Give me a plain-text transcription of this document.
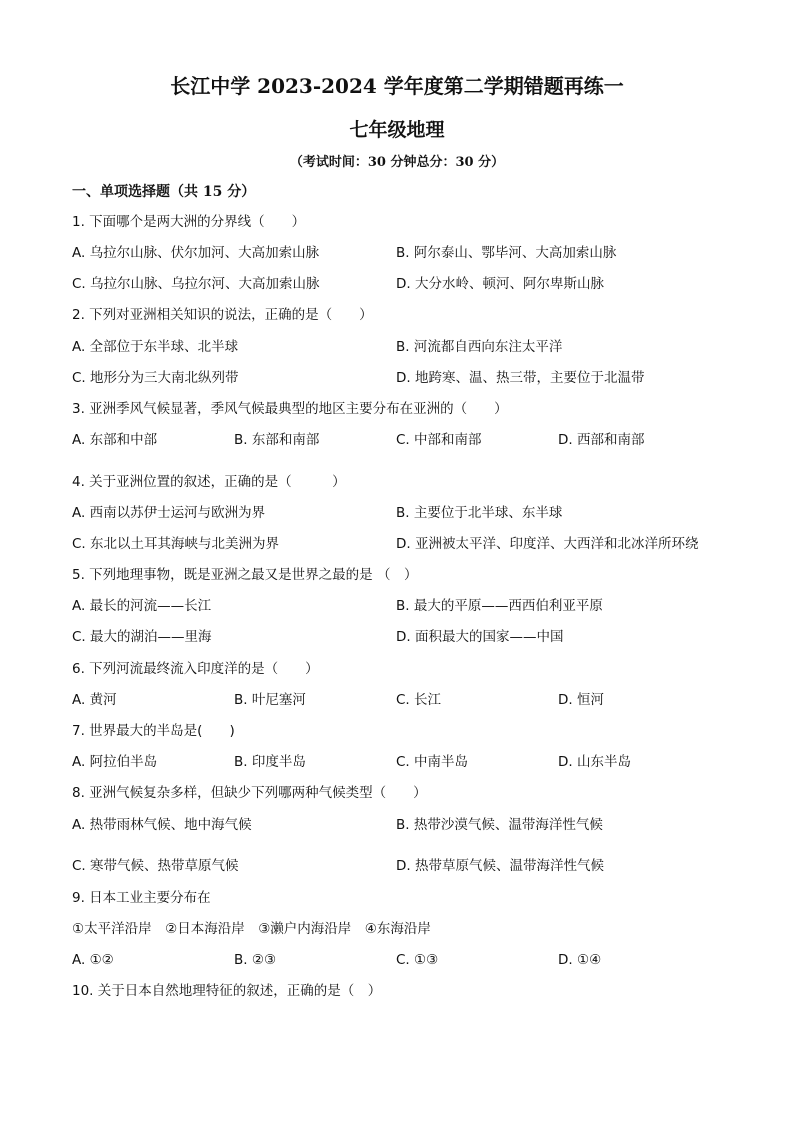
长江中学 2023-2024 学年度第二学期错题再练一
七年级地理
（考试时间：30 分钟总分：30 分）
一、单项选择题（共 15 分）
1. 下面哪个是两大洲的分界线（　　）
A. 乌拉尔山脉、伏尔加河、大高加索山脉	B. 阿尔泰山、鄂毕河、大高加索山脉
C. 乌拉尔山脉、乌拉尔河、大高加索山脉	D. 大分水岭、顿河、阿尔卑斯山脉
2. 下列对亚洲相关知识的说法，正确的是（　　）
A. 全部位于东半球、北半球	B. 河流都自西向东注太平洋
C. 地形分为三大南北纵列带	D. 地跨寒、温、热三带，主要位于北温带
3. 亚洲季风气候显著，季风气候最典型的地区主要分布在亚洲的（　　）
A. 东部和中部	B. 东部和南部	C. 中部和南部	D. 西部和南部
4. 关于亚洲位置的叙述，正确的是（　　　）
A. 西南以苏伊士运河与欧洲为界	B. 主要位于北半球、东半球
C. 东北以土耳其海峡与北美洲为界	D. 亚洲被太平洋、印度洋、大西洋和北冰洋所环绕
5. 下列地理事物，既是亚洲之最又是世界之最的是 （　）
A. 最长的河流——长江	B. 最大的平原——西西伯利亚平原
C. 最大的湖泊——里海	D. 面积最大的国家——中国
6. 下列河流最终流入印度洋的是（　　）
A. 黄河	B. 叶尼塞河	C. 长江	D. 恒河
7. 世界最大的半岛是(　　)
A. 阿拉伯半岛	B. 印度半岛	C. 中南半岛	D. 山东半岛
8. 亚洲气候复杂多样，但缺少下列哪两种气候类型（　　）
A. 热带雨林气候、地中海气候	B. 热带沙漠气候、温带海洋性气候
C. 寒带气候、热带草原气候	D. 热带草原气候、温带海洋性气候
9. 日本工业主要分布在
①太平洋沿岸　②日本海沿岸　③濑户内海沿岸　④东海沿岸
A. ①②	B. ②③	C. ①③	D. ①④
10. 关于日本自然地理特征的叙述，正确的是（　）
